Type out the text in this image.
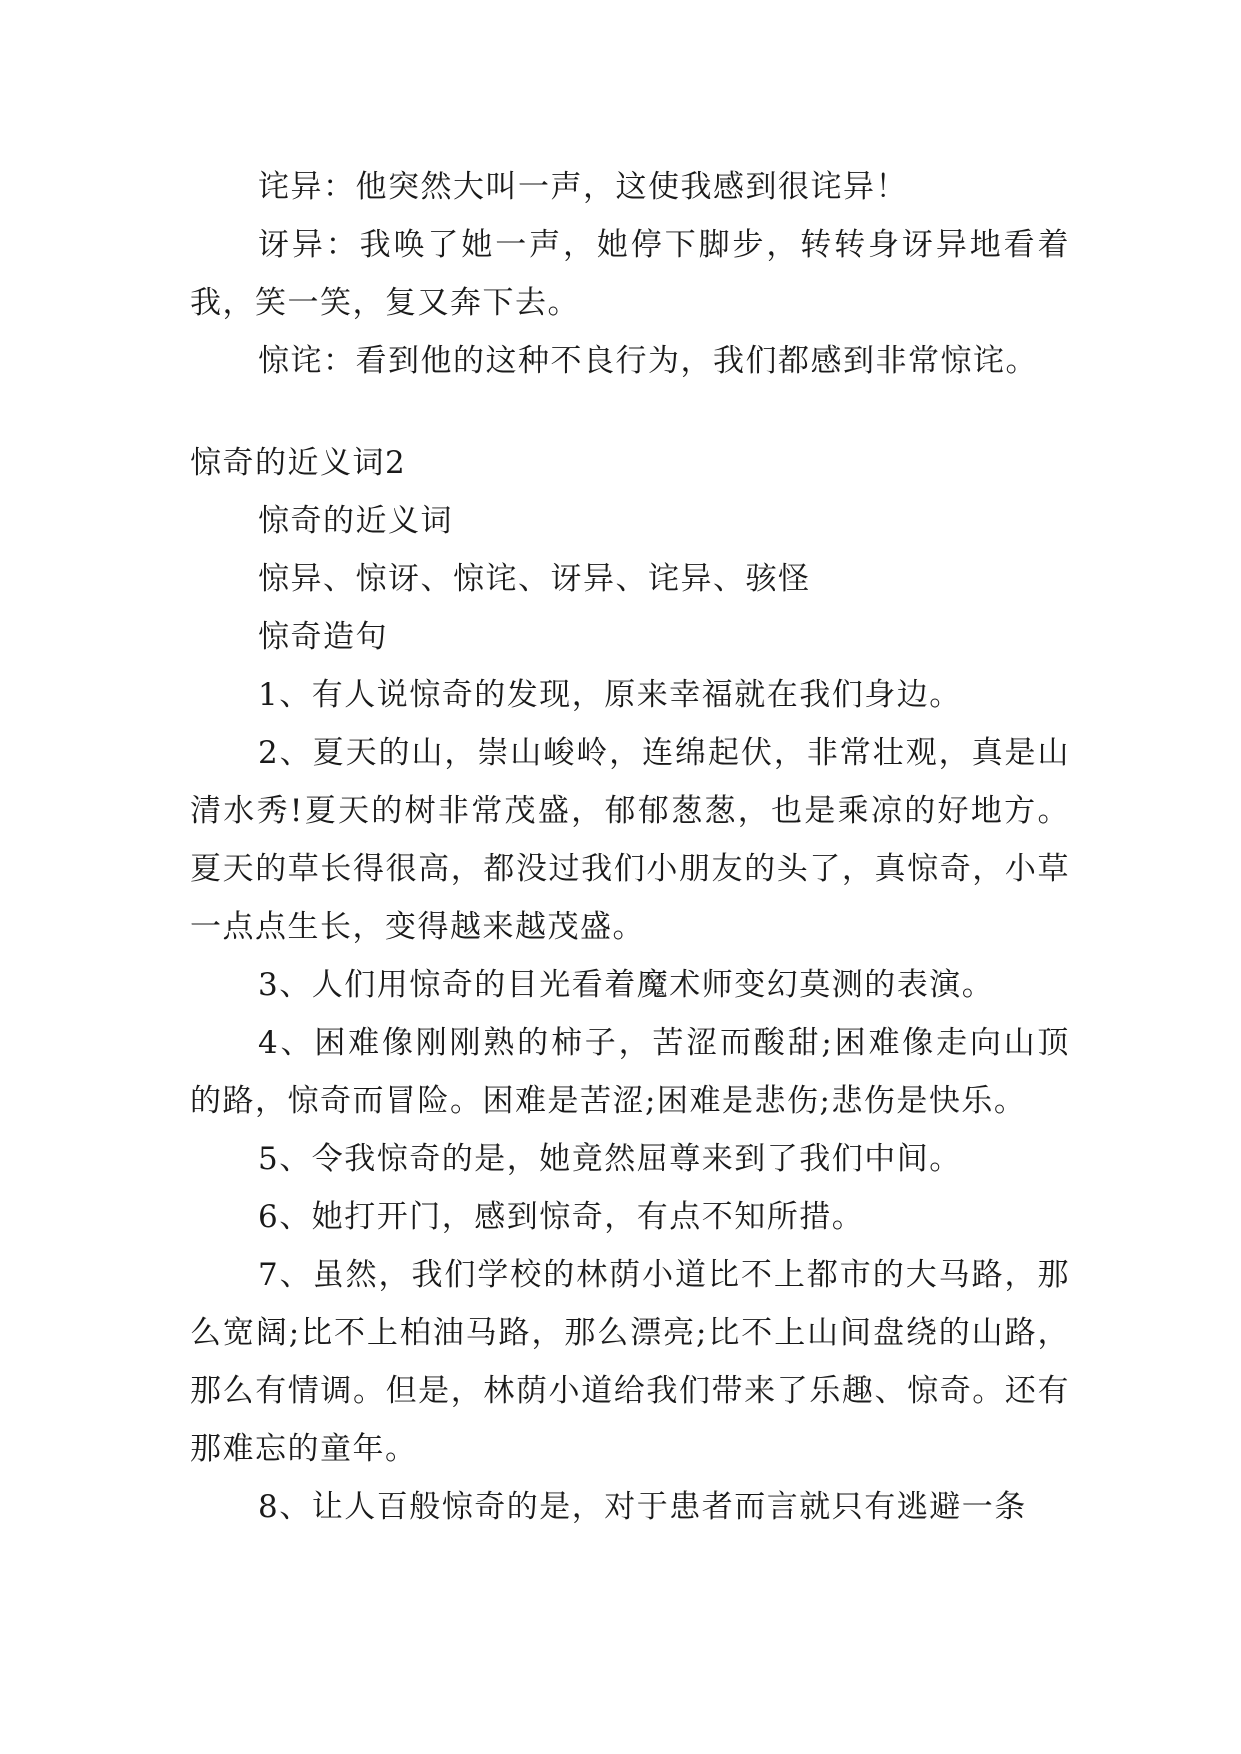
诧异：他突然大叫一声，这使我感到很诧异！

讶异：我唤了她一声，她停下脚步，转转身讶异地看着我，笑一笑，复又奔下去。

惊诧：看到他的这种不良行为，我们都感到非常惊诧。

惊奇的近义词2

惊奇的近义词

惊异、惊讶、惊诧、讶异、诧异、骇怪

惊奇造句

1、有人说惊奇的发现，原来幸福就在我们身边。

2、夏天的山，崇山峻岭，连绵起伏，非常壮观，真是山清水秀!夏天的树非常茂盛，郁郁葱葱，也是乘凉的好地方。夏天的草长得很高，都没过我们小朋友的头了，真惊奇，小草一点点生长，变得越来越茂盛。

3、人们用惊奇的目光看着魔术师变幻莫测的表演。

4、困难像刚刚熟的柿子，苦涩而酸甜;困难像走向山顶的路，惊奇而冒险。困难是苦涩;困难是悲伤;悲伤是快乐。

5、令我惊奇的是，她竟然屈尊来到了我们中间。

6、她打开门，感到惊奇，有点不知所措。

7、虽然，我们学校的林荫小道比不上都市的大马路，那么宽阔;比不上柏油马路，那么漂亮;比不上山间盘绕的山路，那么有情调。但是，林荫小道给我们带来了乐趣、惊奇。还有那难忘的童年。

8、让人百般惊奇的是，对于患者而言就只有逃避一条
